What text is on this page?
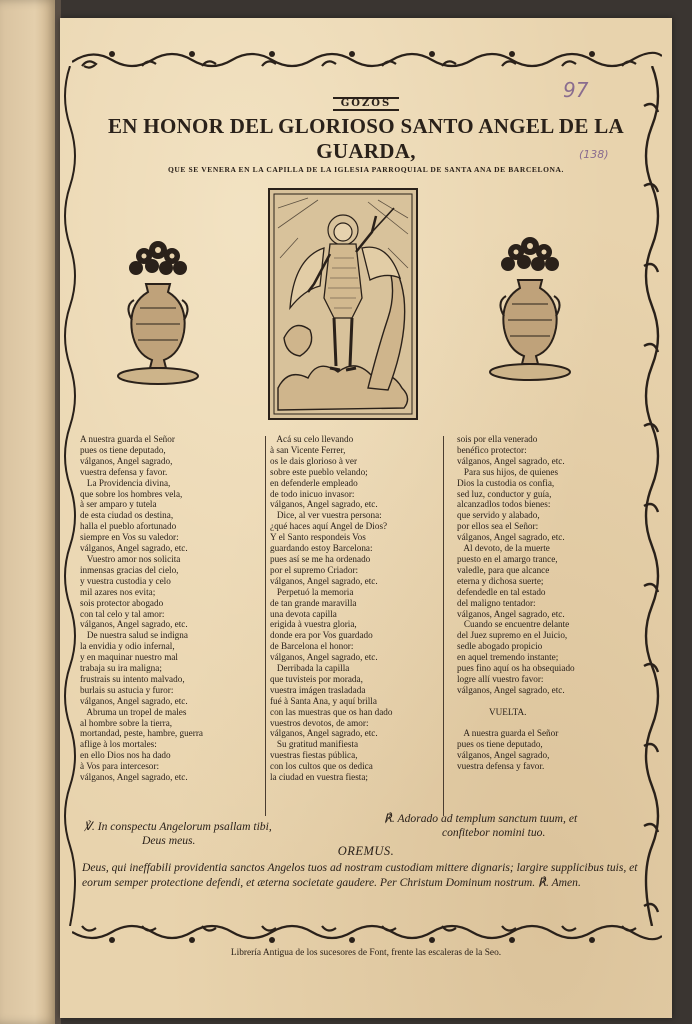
97
(138)
GOZOS
EN HONOR DEL GLORIOSO SANTO ANGEL DE LA GUARDA,
QUE SE VENERA EN LA CAPILLA DE LA IGLESIA PARROQUIAL DE SANTA ANA DE BARCELONA.
A nuestra guarda el Señor
pues os tiene deputado,
válganos, Angel sagrado,
vuestra defensa y favor.
La Providencia divina,
que sobre los hombres vela,
à ser amparo y tutela
de esta ciudad os destina,
halla el pueblo afortunado
siempre en Vos su valedor:
válganos, Angel sagrado, etc.
Vuestro amor nos solicita
inmensas gracias del cielo,
y vuestra custodia y celo
mil azares nos evita;
sois protector abogado
con tal celo y tal amor:
válganos, Angel sagrado, etc.
De nuestra salud se indigna
la envidia y odio infernal,
y en maquinar nuestro mal
trabaja su ira maligna;
frustrais su intento malvado,
burlais su astucia y furor:
válganos, Angel sagrado, etc.
Abruma un tropel de males
al hombre sobre la tierra,
mortandad, peste, hambre, guerra
aflige à los mortales:
en ello Dios nos ha dado
à Vos para intercesor:
válganos, Angel sagrado, etc.
Acá su celo llevando
à san Vicente Ferrer,
os le dais glorioso à ver
sobre este pueblo velando;
en defenderle empleado
de todo inicuo invasor:
válganos, Angel sagrado, etc.
Dice, al ver vuestra persona:
¿qué haces aquí Angel de Dios?
Y el Santo respondeis Vos
guardando estoy Barcelona:
pues así se me ha ordenado
por el supremo Criador:
válganos, Angel sagrado, etc.
Perpetuó la memoria
de tan grande maravilla
una devota capilla
erigida à vuestra gloria,
donde era por Vos guardado
de Barcelona el honor:
válganos, Angel sagrado, etc.
Derribada la capilla
que tuvisteis por morada,
vuestra imágen trasladada
fué à Santa Ana, y aquí brilla
con las muestras que os han dado
vuestros devotos, de amor:
válganos, Angel sagrado, etc.
Su gratitud manifiesta
vuestras fiestas pública,
con los cultos que os dedica
la ciudad en vuestra fiesta;
sois por ella venerado
benéfico protector:
válganos, Angel sagrado, etc.
Para sus hijos, de quienes
Dios la custodia os confia,
sed luz, conductor y guía,
alcanzadlos todos bienes:
que servido y alabado,
por ellos sea el Señor:
válganos, Angel sagrado, etc.
Al devoto, de la muerte
puesto en el amargo trance,
valedle, para que alcance
eterna y dichosa suerte;
defendedle en tal estado
del maligno tentador:
válganos, Angel sagrado, etc.
Cuando se encuentre delante
del Juez supremo en el Juicio,
sedle abogado propicio
en aquel tremendo instante;
pues fino aquí os ha obsequiado
logre allí vuestro favor:
válganos, Angel sagrado, etc.

VUELTA.

A nuestra guarda el Señor
pues os tiene deputado,
válganos, Angel sagrado,
vuestra defensa y favor.
℣. In conspectu Angelorum psallam tibi,
Deus meus.
℟. Adorado ad templum sanctum tuum, et
confitebor nomini tuo.
OREMUS.
Deus, qui ineffabili providentia sanctos Angelos tuos ad nostram custodiam mittere dignaris; largire supplicibus tuis, et eorum semper protectione defendi, et æterna societate gaudere. Per Christum Dominum nostrum. ℟. Amen.
Librería Antigua de los sucesores de Font, frente las escaleras de la Seo.
